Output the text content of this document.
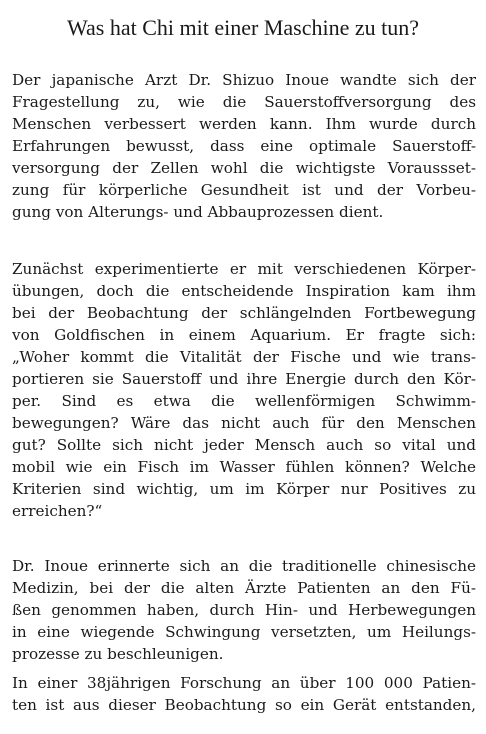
Was hat Chi mit einer Maschine zu tun?
Der japanische Arzt Dr. Shizuo Inoue wandte sich der
Fragestellung zu, wie die Sauerstoffversorgung des
Menschen verbessert werden kann. Ihm wurde durch
Erfahrungen bewusst, dass eine optimale Sauerstoff-
versorgung der Zellen wohl die wichtigste Voraussset-
zung für körperliche Gesundheit ist und der Vorbeu-
gung von Alterungs- und Abbauprozessen dient.
Zunächst experimentierte er mit verschiedenen Körper-
übungen, doch die entscheidende Inspiration kam ihm
bei der Beobachtung der schlängelnden Fortbewegung
von Goldfischen in einem Aquarium. Er fragte sich:
„Woher kommt die Vitalität der Fische und wie trans-
portieren sie Sauerstoff und ihre Energie durch den Kör-
per. Sind es etwa die wellenförmigen Schwimm-
bewegungen? Wäre das nicht auch für den Menschen
gut? Sollte sich nicht jeder Mensch auch so vital und
mobil wie ein Fisch im Wasser fühlen können? Welche
Kriterien sind wichtig, um im Körper nur Positives zu
erreichen?“
Dr. Inoue erinnerte sich an die traditionelle chinesische
Medizin, bei der die alten Ärzte Patienten an den Fü-
ßen genommen haben, durch Hin- und Herbewegungen
in eine wiegende Schwingung versetzten, um Heilungs-
prozesse zu beschleunigen.
In einer 38jährigen Forschung an über 100 000 Patien-
ten ist aus dieser Beobachtung so ein Gerät entstanden,
